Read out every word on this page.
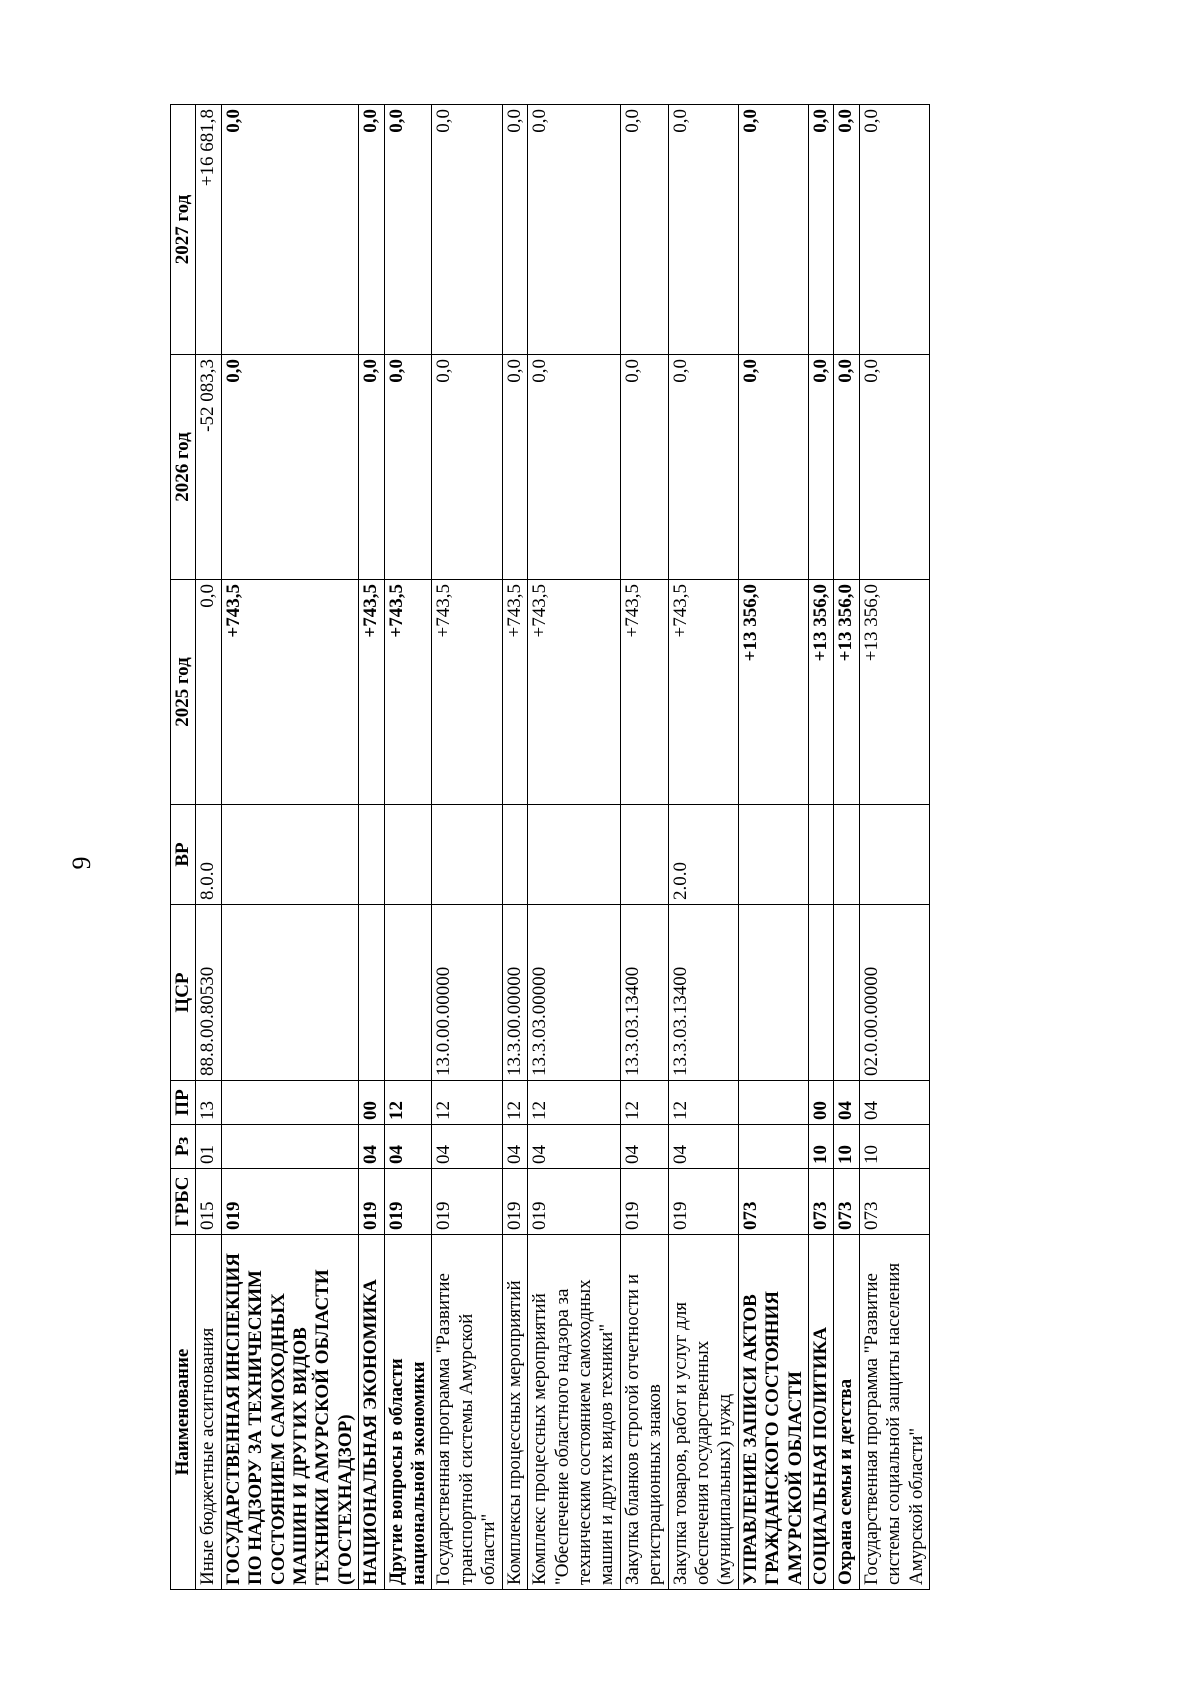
9
Наименование	ГРБС	Рз	ПР	ЦСР	ВР	2025 год	2026 год	2027 год
Иные бюджетные ассигнования	015	01	13	88.8.00.80530	8.0.0	0,0	-52 083,3	+16 681,8
ГОСУДАРСТВЕННАЯ ИНСПЕКЦИЯ ПО НАДЗОРУ ЗА ТЕХНИЧЕСКИМ СОСТОЯНИЕМ САМОХОДНЫХ МАШИН И ДРУГИХ ВИДОВ ТЕХНИКИ АМУРСКОЙ ОБЛАСТИ (ГОСТЕХНАДЗОР)	019					+743,5	0,0	0,0
НАЦИОНАЛЬНАЯ ЭКОНОМИКА	019	04	00			+743,5	0,0	0,0
Другие вопросы в области национальной экономики	019	04	12			+743,5	0,0	0,0
Государственная программа "Развитие транспортной системы Амурской области"	019	04	12	13.0.00.00000		+743,5	0,0	0,0
Комплексы процессных мероприятий	019	04	12	13.3.00.00000		+743,5	0,0	0,0
Комплекс процессных мероприятий "Обеспечение областного надзора за техническим состоянием самоходных машин и других видов техники"	019	04	12	13.3.03.00000		+743,5	0,0	0,0
Закупка бланков строгой отчетности и регистрационных знаков	019	04	12	13.3.03.13400		+743,5	0,0	0,0
Закупка товаров, работ и услуг для обеспечения государственных (муниципальных) нужд	019	04	12	13.3.03.13400	2.0.0	+743,5	0,0	0,0
УПРАВЛЕНИЕ ЗАПИСИ АКТОВ ГРАЖДАНСКОГО СОСТОЯНИЯ АМУРСКОЙ ОБЛАСТИ	073					+13 356,0	0,0	0,0
СОЦИАЛЬНАЯ ПОЛИТИКА	073	10	00			+13 356,0	0,0	0,0
Охрана семьи и детства	073	10	04			+13 356,0	0,0	0,0
Государственная программа "Развитие системы социальной защиты населения Амурской области"	073	10	04	02.0.00.00000		+13 356,0	0,0	0,0
